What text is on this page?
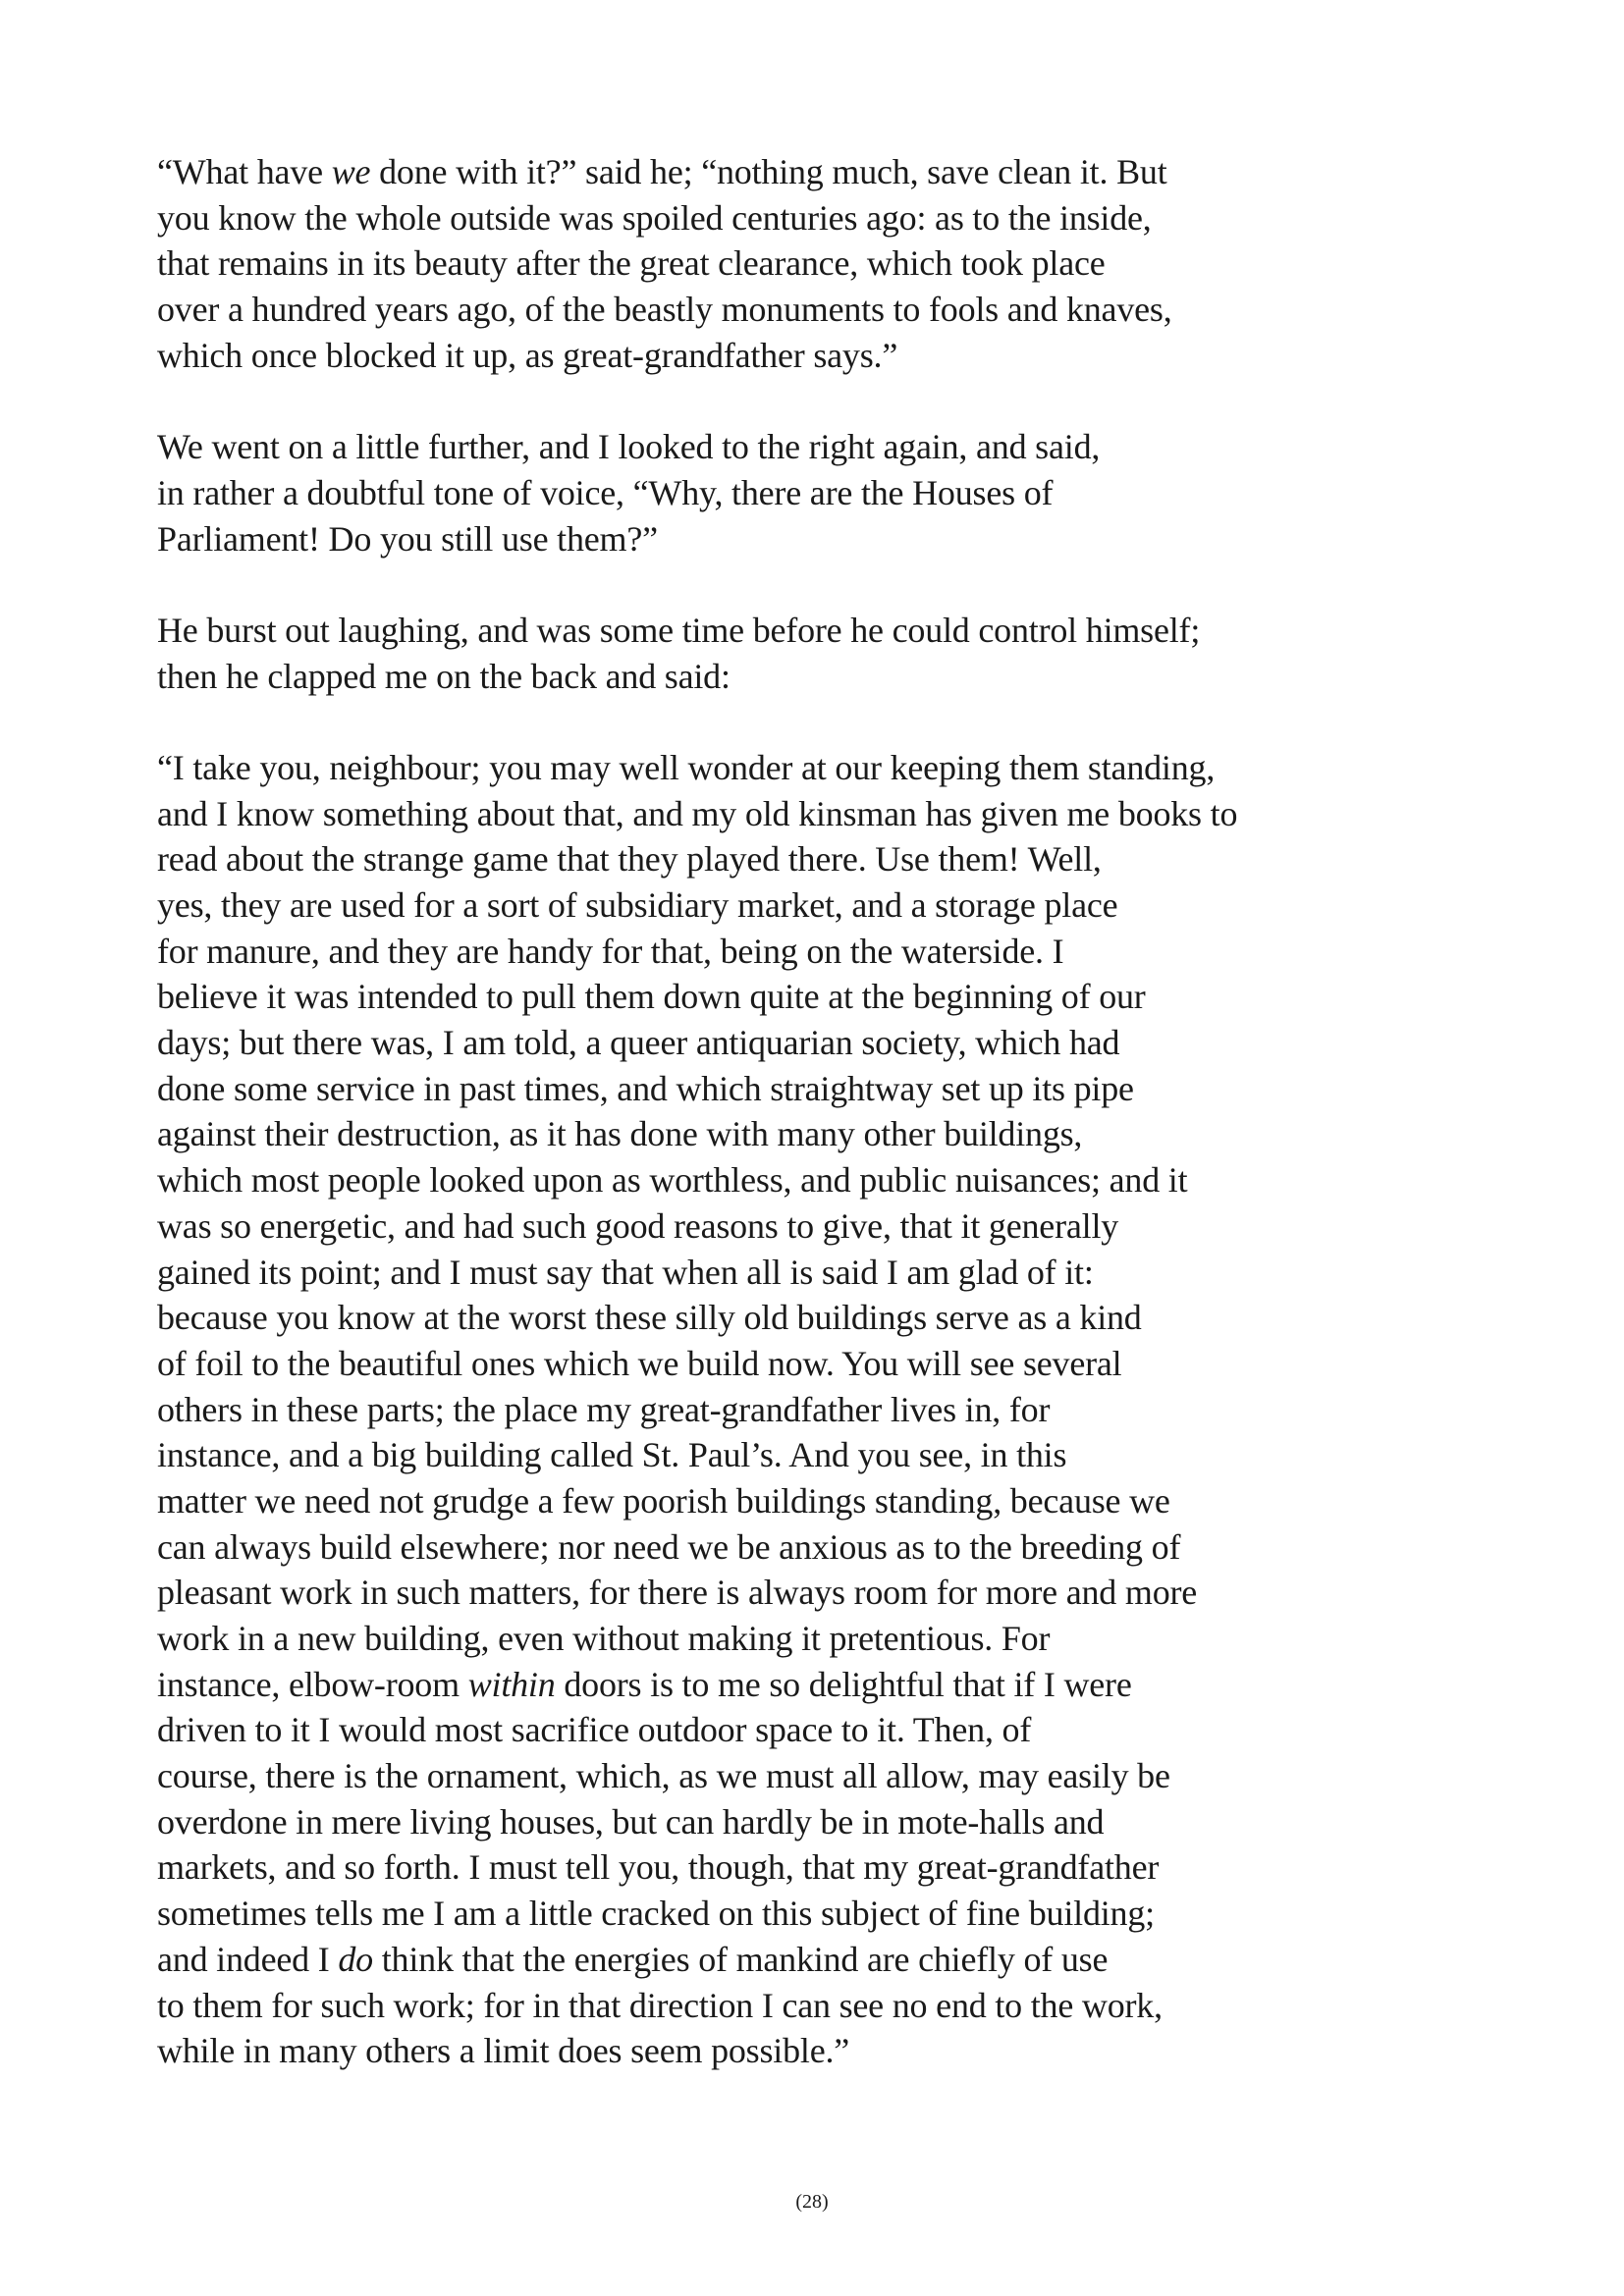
“What have we done with it?” said he; “nothing much, save clean it. But
you know the whole outside was spoiled centuries ago: as to the inside,
that remains in its beauty after the great clearance, which took place
over a hundred years ago, of the beastly monuments to fools and knaves,
which once blocked it up, as great-grandfather says.”
We went on a little further, and I looked to the right again, and said,
in rather a doubtful tone of voice, “Why, there are the Houses of
Parliament! Do you still use them?”
He burst out laughing, and was some time before he could control himself;
then he clapped me on the back and said:
“I take you, neighbour; you may well wonder at our keeping them standing,
and I know something about that, and my old kinsman has given me books to
read about the strange game that they played there. Use them! Well,
yes, they are used for a sort of subsidiary market, and a storage place
for manure, and they are handy for that, being on the waterside. I
believe it was intended to pull them down quite at the beginning of our
days; but there was, I am told, a queer antiquarian society, which had
done some service in past times, and which straightway set up its pipe
against their destruction, as it has done with many other buildings,
which most people looked upon as worthless, and public nuisances; and it
was so energetic, and had such good reasons to give, that it generally
gained its point; and I must say that when all is said I am glad of it:
because you know at the worst these silly old buildings serve as a kind
of foil to the beautiful ones which we build now. You will see several
others in these parts; the place my great-grandfather lives in, for
instance, and a big building called St. Paul’s. And you see, in this
matter we need not grudge a few poorish buildings standing, because we
can always build elsewhere; nor need we be anxious as to the breeding of
pleasant work in such matters, for there is always room for more and more
work in a new building, even without making it pretentious. For
instance, elbow-room within doors is to me so delightful that if I were
driven to it I would most sacrifice outdoor space to it. Then, of
course, there is the ornament, which, as we must all allow, may easily be
overdone in mere living houses, but can hardly be in mote-halls and
markets, and so forth. I must tell you, though, that my great-grandfather
sometimes tells me I am a little cracked on this subject of fine building;
and indeed I do think that the energies of mankind are chiefly of use
to them for such work; for in that direction I can see no end to the work,
while in many others a limit does seem possible.”
(28)
